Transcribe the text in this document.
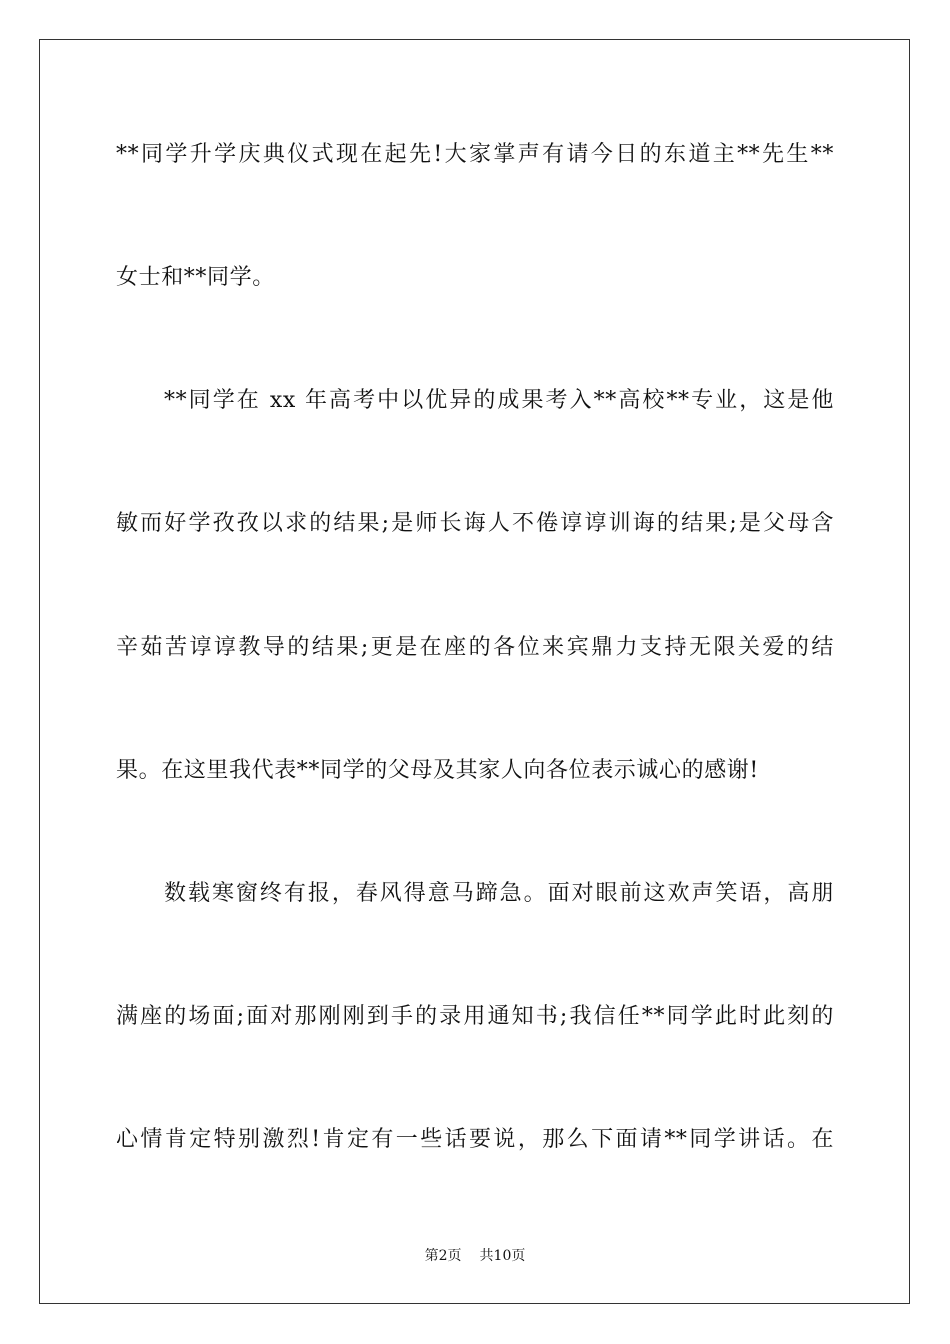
**同学升学庆典仪式现在起先!大家掌声有请今日的东道主**先生**
女士和**同学。
**同学在 xx 年高考中以优异的成果考入**高校**专业，这是他
敏而好学孜孜以求的结果;是师长诲人不倦谆谆训诲的结果;是父母含
辛茹苦谆谆教导的结果;更是在座的各位来宾鼎力支持无限关爱的结
果。在这里我代表**同学的父母及其家人向各位表示诚心的感谢!
数载寒窗终有报，春风得意马蹄急。面对眼前这欢声笑语，高朋
满座的场面;面对那刚刚到手的录用通知书;我信任**同学此时此刻的
心情肯定特别激烈!肯定有一些话要说，那么下面请**同学讲话。在
第2页 共10页
